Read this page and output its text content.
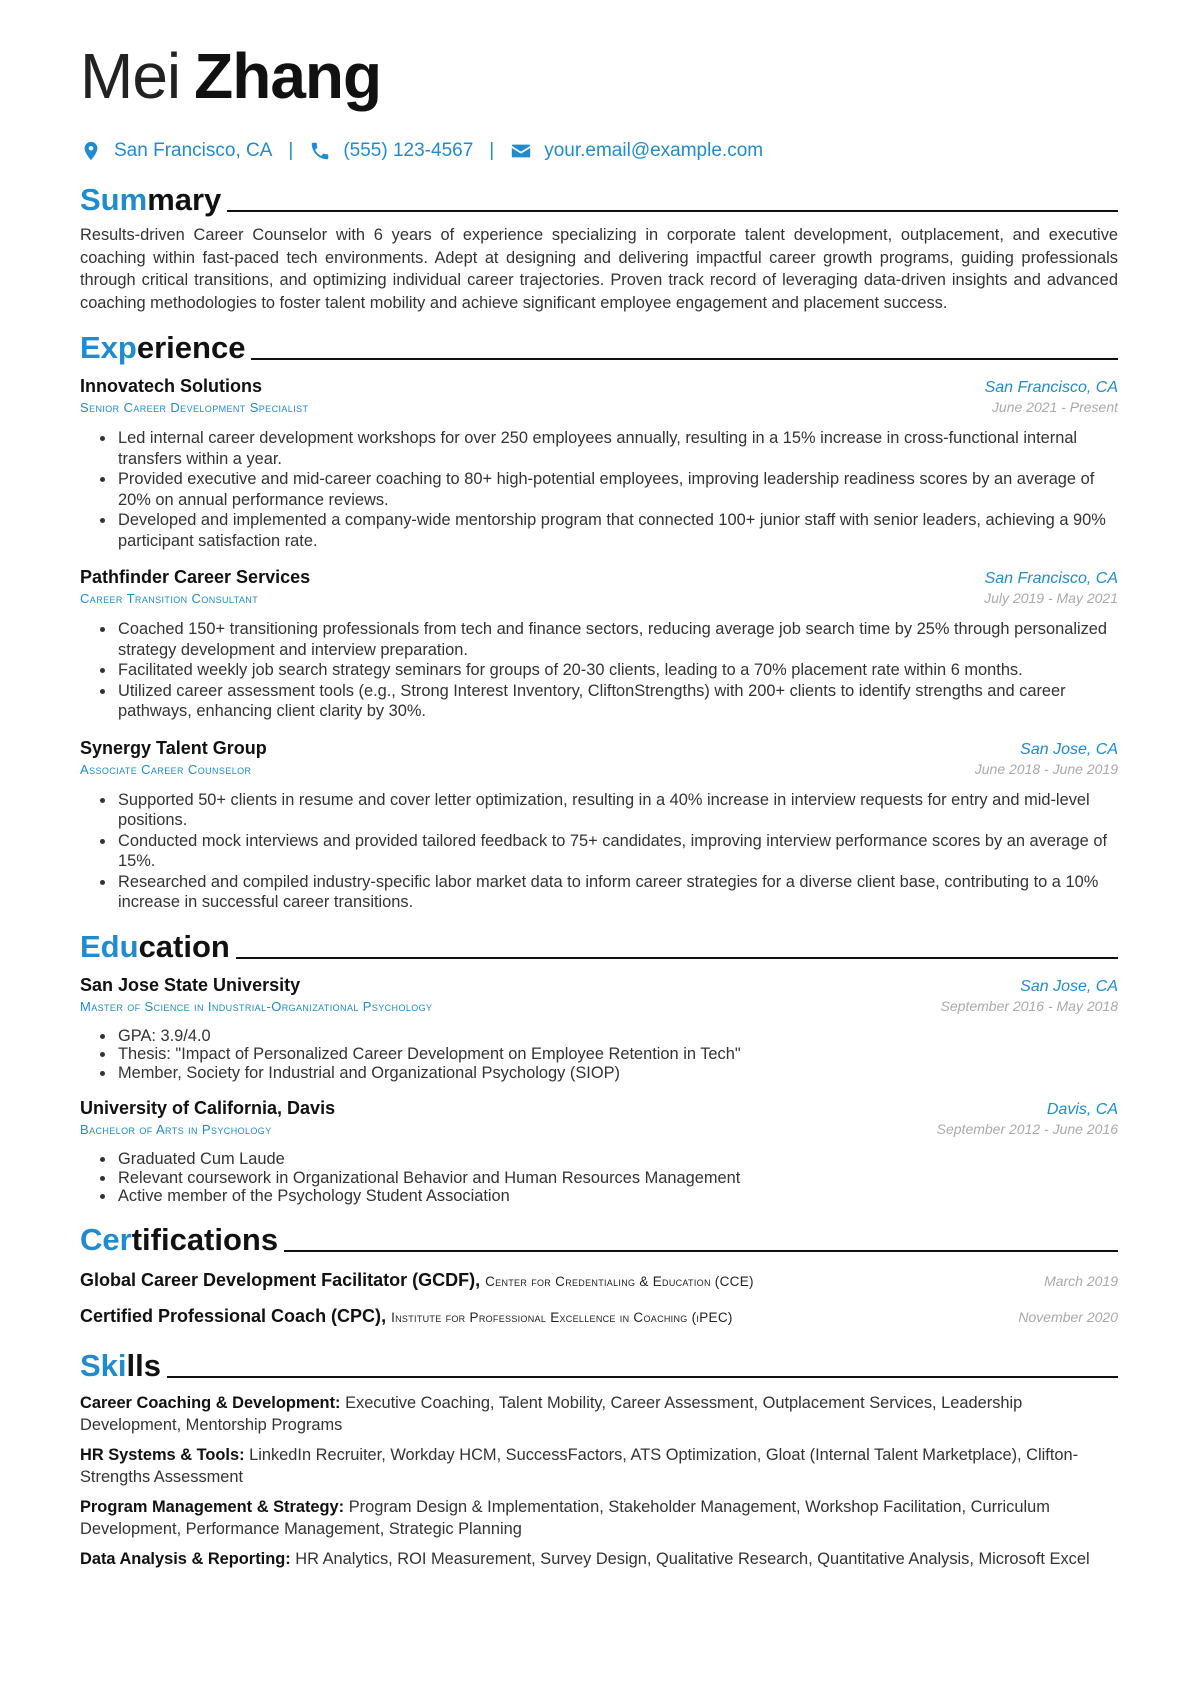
Mei Zhang
San Francisco, CA |	(555) 123-4567 |	your.email@example.com
Summary
Results-driven Career Counselor with 6 years of experience specializing in corporate talent development, outplacement, and executive coaching within fast-paced tech environments. Adept at designing and delivering impactful career growth programs, guiding professionals through critical transitions, and optimizing individual career trajectories. Proven track record of leveraging data-driven insights and advanced coaching methodologies to foster talent mobility and achieve significant employee engagement and placement success.
Experience
Innovatech Solutions	San Francisco, CA
Senior Career Development Specialist	June 2021 - Present
• Led internal career development workshops for over 250 employees annually, resulting in a 15% increase in cross-functional internal transfers within a year.
• Provided executive and mid-career coaching to 80+ high-potential employees, improving leadership readiness scores by an average of 20% on annual performance reviews.
• Developed and implemented a company-wide mentorship program that connected 100+ junior staff with senior leaders, achieving a 90% participant satisfaction rate.
Pathfinder Career Services	San Francisco, CA
Career Transition Consultant	July 2019 - May 2021
• Coached 150+ transitioning professionals from tech and finance sectors, reducing average job search time by 25% through personalized strategy development and interview preparation.
• Facilitated weekly job search strategy seminars for groups of 20-30 clients, leading to a 70% placement rate within 6 months.
• Utilized career assessment tools (e.g., Strong Interest Inventory, CliftonStrengths) with 200+ clients to identify strengths and career pathways, enhancing client clarity by 30%.
Synergy Talent Group	San Jose, CA
Associate Career Counselor	June 2018 - June 2019
• Supported 50+ clients in resume and cover letter optimization, resulting in a 40% increase in interview requests for entry and mid-level positions.
• Conducted mock interviews and provided tailored feedback to 75+ candidates, improving interview performance scores by an average of 15%.
• Researched and compiled industry-specific labor market data to inform career strategies for a diverse client base, contributing to a 10% increase in successful career transitions.
Education
San Jose State University	San Jose, CA
Master of Science in Industrial-Organizational Psychology	September 2016 - May 2018
• GPA: 3.9/4.0
• Thesis: "Impact of Personalized Career Development on Employee Retention in Tech"
• Member, Society for Industrial and Organizational Psychology (SIOP)
University of California, Davis	Davis, CA
Bachelor of Arts in Psychology	September 2012 - June 2016
• Graduated Cum Laude
• Relevant coursework in Organizational Behavior and Human Resources Management
• Active member of the Psychology Student Association
Certifications
Global Career Development Facilitator (GCDF), Center for Credentialing & Education (CCE)	March 2019
Certified Professional Coach (CPC), Institute for Professional Excellence in Coaching (iPEC)	November 2020
Skills
Career Coaching & Development: Executive Coaching, Talent Mobility, Career Assessment, Outplacement Services, Leadership Development, Mentorship Programs
HR Systems & Tools: LinkedIn Recruiter, Workday HCM, SuccessFactors, ATS Optimization, Gloat (Internal Talent Marketplace), Clifton-Strengths Assessment
Program Management & Strategy: Program Design & Implementation, Stakeholder Management, Workshop Facilitation, Curriculum Development, Performance Management, Strategic Planning
Data Analysis & Reporting: HR Analytics, ROI Measurement, Survey Design, Qualitative Research, Quantitative Analysis, Microsoft Excel
